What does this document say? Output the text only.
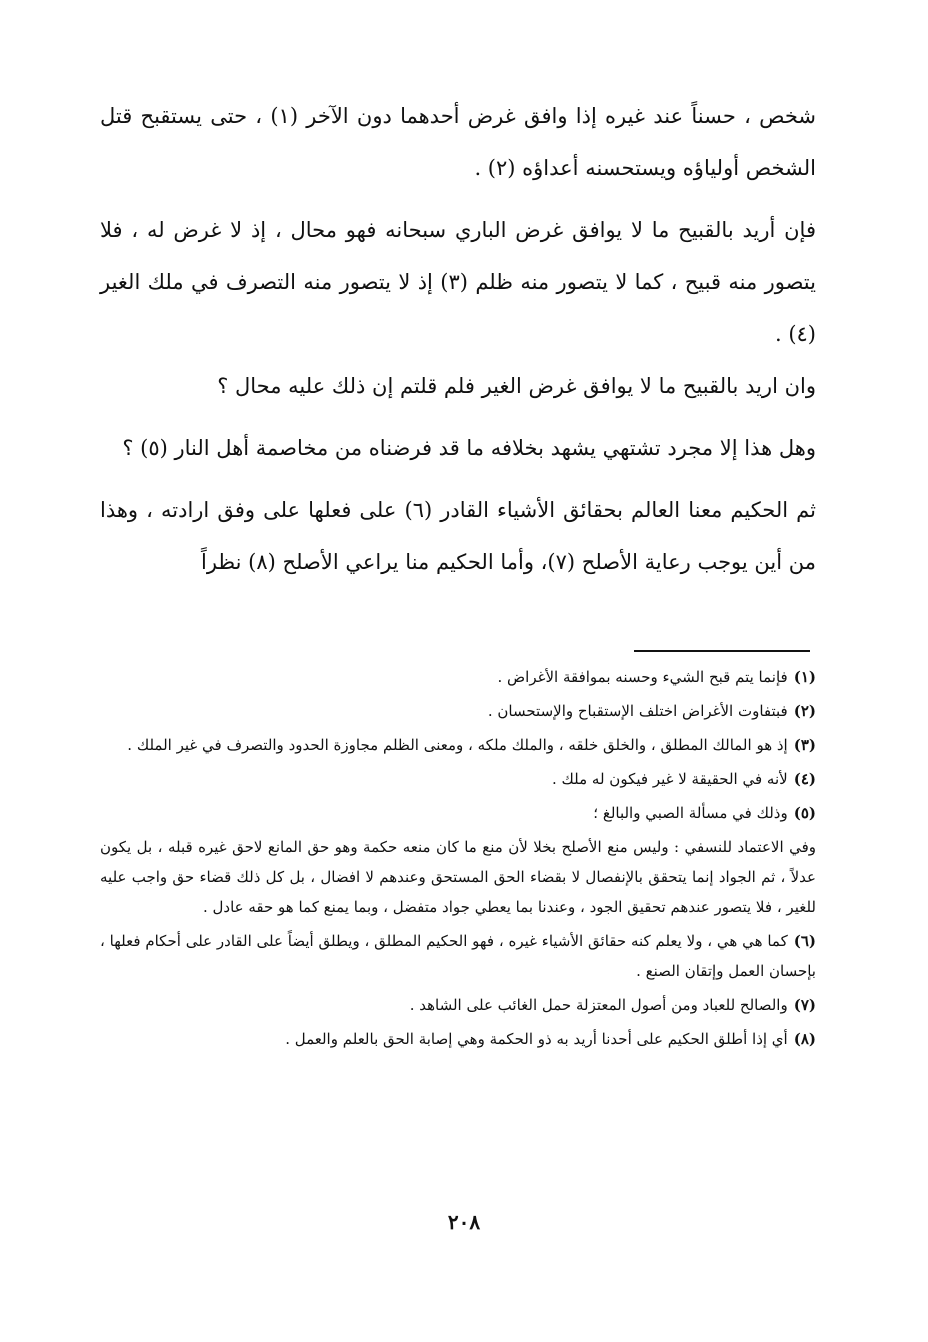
شخص ، حسناً عند غيره إذا وافق غرض أحدهما دون الآخر (١) ، حتى يستقبح قتل الشخص أولياؤه ويستحسنه أعداؤه (٢) .

فإن أريد بالقبيح ما لا يوافق غرض الباري سبحانه فهو محال ، إذ لا غرض له ، فلا يتصور منه قبيح ، كما لا يتصور منه ظلم (٣) إذ لا يتصور منه التصرف في ملك الغير (٤) .

وان اريد بالقبيح ما لا يوافق غرض الغير فلم قلتم إن ذلك عليه محال ؟

وهل هذا إلا مجرد تشتهي يشهد بخلافه ما قد فرضناه من مخاصمة أهل النار (٥) ؟

ثم الحكيم معنا العالم بحقائق الأشياء القادر (٦) على فعلها على وفق ارادته ، وهذا من أين يوجب رعاية الأصلح (٧)، وأما الحكيم منا يراعي الأصلح (٨) نظراً

(١)فإنما يتم قبح الشيء وحسنه بموافقة الأغراض .
(٢)فبتفاوت الأغراض اختلف الإستقباح والإستحسان .
(٣)إذ هو المالك المطلق ، والخلق خلقه ، والملك ملكه ، ومعنى الظلم مجاوزة الحدود والتصرف في غير الملك .
(٤)لأنه في الحقيقة لا غير فيكون له ملك .
(٥)وذلك في مسألة الصبي والبالغ ؛
وفي الاعتماد للنسفي : وليس منع الأصلح بخلا لأن منع ما كان منعه حكمة وهو حق المانع لاحق غيره قبله ، بل يكون عدلاً ، ثم الجواد إنما يتحقق بالإنفصال لا بقضاء الحق المستحق وعندهم لا افضال ، بل كل ذلك قضاء حق واجب عليه للغير ، فلا يتصور عندهم تحقيق الجود ، وعندنا بما يعطي جواد متفضل ، وبما يمنع كما هو حقه عادل .
(٦)كما هي هي ، ولا يعلم كنه حقائق الأشياء غيره ، فهو الحكيم المطلق ، ويطلق أيضاً على القادر على أحكام فعلها ، بإحسان العمل وإتقان الصنع .
(٧)والصالح للعباد ومن أصول المعتزلة حمل الغائب على الشاهد .
(٨)أي إذا أطلق الحكيم على أحدنا أريد به ذو الحكمة وهي إصابة الحق بالعلم والعمل .
٢٠٨
